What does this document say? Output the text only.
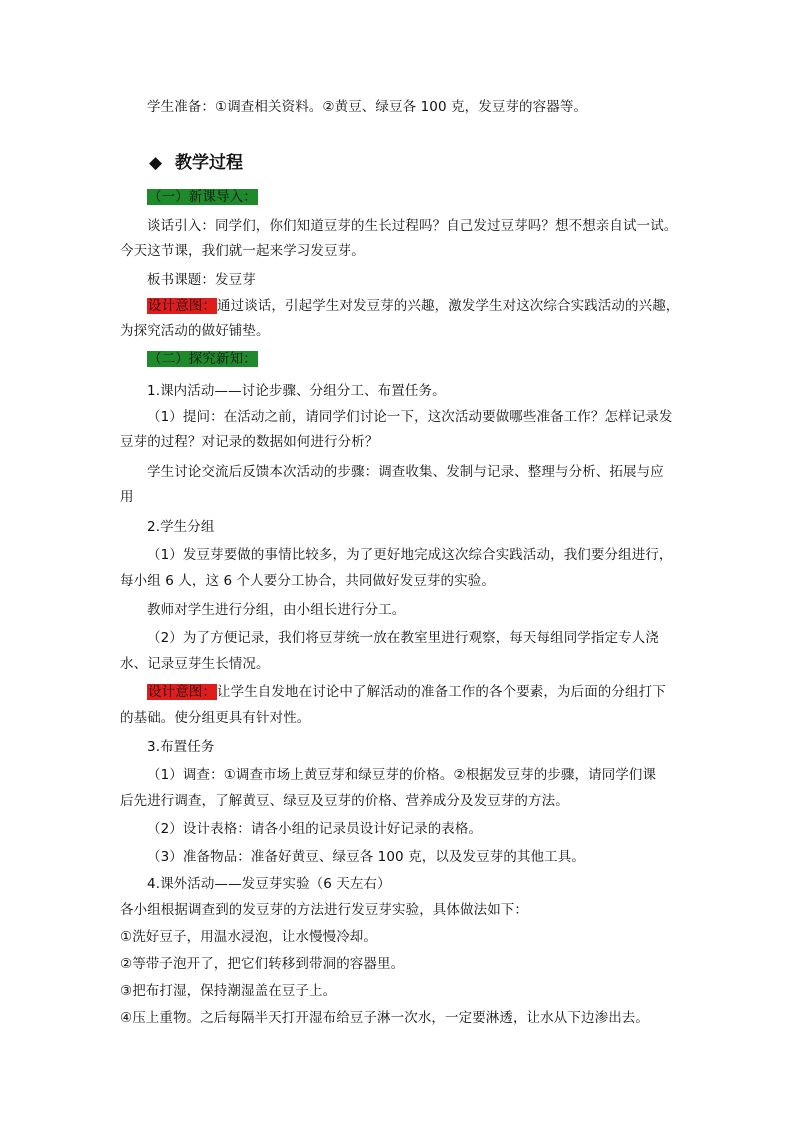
学生准备：①调查相关资料。②黄豆、绿豆各 100 克，发豆芽的容器等。
◆ 教学过程
（一）新课导入：
谈话引入：同学们，你们知道豆芽的生长过程吗？自己发过豆芽吗？想不想亲自试一试。
今天这节课，我们就一起来学习发豆芽。
板书课题：发豆芽
设计意图：通过谈话，引起学生对发豆芽的兴趣，激发学生对这次综合实践活动的兴趣，
为探究活动的做好铺垫。
（二）探究新知：
1.课内活动——讨论步骤、分组分工、布置任务。
（1）提问：在活动之前，请同学们讨论一下，这次活动要做哪些准备工作？怎样记录发
豆芽的过程？对记录的数据如何进行分析？
学生讨论交流后反馈本次活动的步骤：调查收集、发制与记录、整理与分析、拓展与应
用
2.学生分组
（1）发豆芽要做的事情比较多，为了更好地完成这次综合实践活动，我们要分组进行，
每小组 6 人，这 6 个人要分工协合，共同做好发豆芽的实验。
教师对学生进行分组，由小组长进行分工。
（2）为了方便记录，我们将豆芽统一放在教室里进行观察，每天每组同学指定专人浇
水、记录豆芽生长情况。
设计意图：让学生自发地在讨论中了解活动的准备工作的各个要素，为后面的分组打下
的基础。使分组更具有针对性。
3.布置任务
（1）调查：①调查市场上黄豆芽和绿豆芽的价格。②根据发豆芽的步骤，请同学们课
后先进行调查，了解黄豆、绿豆及豆芽的价格、营养成分及发豆芽的方法。
（2）设计表格：请各小组的记录员设计好记录的表格。
（3）准备物品：准备好黄豆、绿豆各 100 克，以及发豆芽的其他工具。
4.课外活动——发豆芽实验（6 天左右）
各小组根据调查到的发豆芽的方法进行发豆芽实验，具体做法如下：
①洗好豆子，用温水浸泡，让水慢慢冷却。
②等带子泡开了，把它们转移到带洞的容器里。
③把布打湿，保持潮湿盖在豆子上。
④压上重物。之后每隔半天打开湿布给豆子淋一次水，一定要淋透，让水从下边渗出去。
